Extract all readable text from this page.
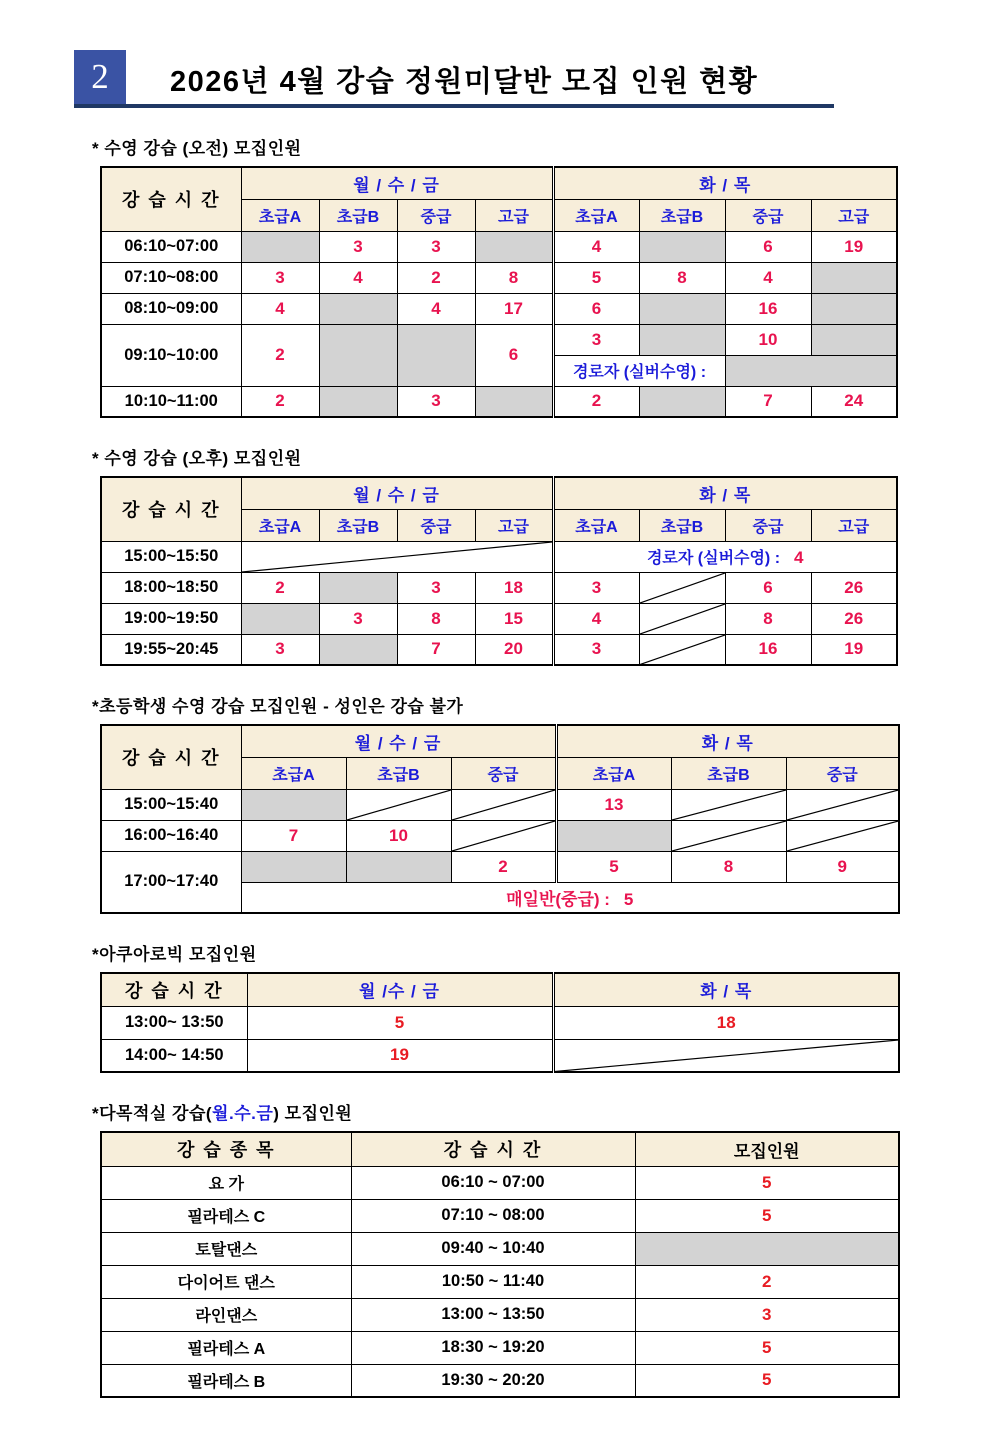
2	2026년 4월 강습 정원미달반 모집 인원 현황
* 수영 강습 (오전) 모집인원
강 습 시 간	월 / 수 / 금				화 / 목			
	초급A	초급B	중급	고급	초급A	초급B	중급	고급
06:10~07:00		3	3		4		6	19
07:10~08:00	3	4	2	8	5	8	4	
08:10~09:00	4		4	17	6		16	
09:10~10:00	2			6	3		10	
					경로자 (실버수영) :			
10:10~11:00	2		3		2		7	24
* 수영 강습 (오후) 모집인원
강 습 시 간	월 / 수 / 금				화 / 목			
	초급A	초급B	중급	고급	초급A	초급B	중급	고급
15:00~15:50					경로자 (실버수영) : 4			
18:00~18:50	2		3	18	3		6	26
19:00~19:50		3	8	15	4		8	26
19:55~20:45	3		7	20	3		16	19
*초등학생 수영 강습 모집인원 - 성인은 강습 불가
강 습 시 간	월 / 수 / 금			화 / 목		
	초급A	초급B	중급	초급A	초급B	중급
15:00~15:40				13	

16:00~16:40	7	10	

17:00~17:40			2	5	8	9
	매일반(중급) : 5					
*아쿠아로빅 모집인원
강 습 시 간	월 /수 / 금	화 / 목
13:00~ 13:50	5	18
14:00~ 14:50	19	
*다목적실 강습(월.수.금) 모집인원
강 습 종 목	강 습 시 간	모집인원
요 가	06:10 ~ 07:00	5
필라테스 C	07:10 ~ 08:00	5
토탈댄스	09:40 ~ 10:40	
다이어트 댄스	10:50 ~ 11:40	2
라인댄스	13:00 ~ 13:50	3
필라테스 A	18:30 ~ 19:20	5
필라테스 B	19:30 ~ 20:20	5
